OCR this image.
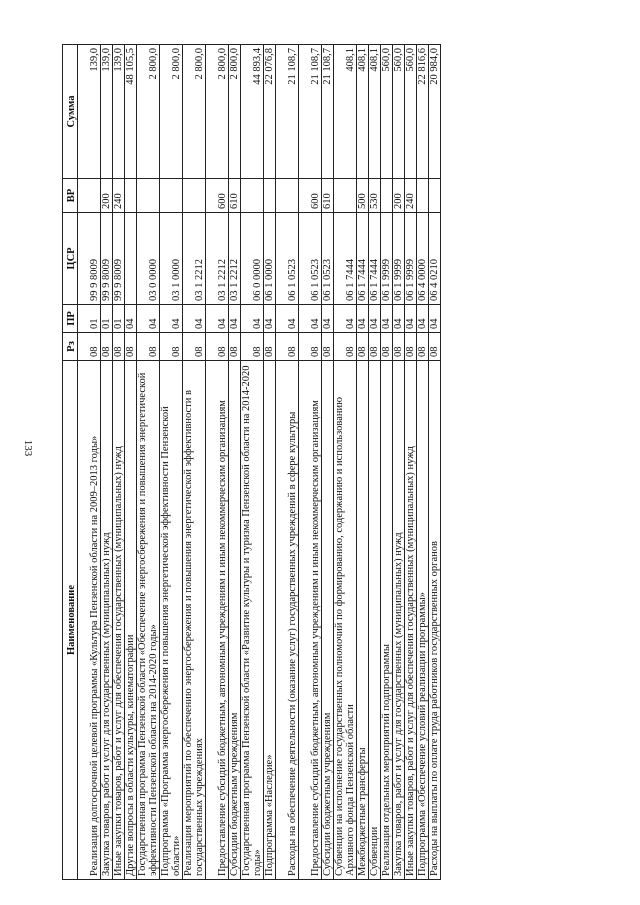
133
Наименование	Рз	ПР	ЦСР	ВР	Сумма
Реализация долгосрочной целевой программы «Культура Пензенской области на 2009–2013 годы»	08	01	99 9 8009		139,0
Закупка товаров, работ и услуг для государственных (муниципальных) нужд	08	01	99 9 8009	200	139,0
Иные закупки товаров, работ и услуг для обеспечения государственных (муниципальных) нужд	08	01	99 9 8009	240	139,0
Другие вопросы в области культуры, кинематографии	08	04			48 105,5
Государственная программа Пензенской области «Обеспечение энергосбережения и повышения энергетической эффективности Пензенской области на 2014-2020 годы»	08	04	03 0 0000		2 800,0
Подпрограмма «Программа энергосбережения и повышения энергетической эффективности Пензенской области»	08	04	03 1 0000		2 800,0
Реализация мероприятий по обеспечению энергосбережения и повышения энергетической эффективности в государственных учреждениях	08	04	03 1 2212		2 800,0
Предоставление субсидий бюджетным, автономным учреждениям и иным некоммерческим организациям	08	04	03 1 2212	600	2 800,0
Субсидии бюджетным учреждениям	08	04	03 1 2212	610	2 800,0
Государственная программа Пензенской области «Развитие культуры и туризма Пензенской области на 2014-2020 годы»	08	04	06 0 0000		44 893,4
Подпрограмма «Наследие»	08	04	06 1 0000		22 076,8
Расходы на обеспечение деятельности (оказание услуг) государственных учреждений в сфере культуры	08	04	06 1 0523		21 108,7
Предоставление субсидий бюджетным, автономным учреждениям и иным некоммерческим организациям	08	04	06 1 0523	600	21 108,7
Субсидии бюджетным учреждениям	08	04	06 1 0523	610	21 108,7
Субвенции на исполнение государственных полномочий по формированию, содержанию и использованию Архивного фонда Пензенской области	08	04	06 1 7444		408,1
Межбюджетные трансферты	08	04	06 1 7444	500	408,1
Субвенции	08	04	06 1 7444	530	408,1
Реализация отдельных мероприятий подпрограммы	08	04	06 1 9999		560,0
Закупка товаров, работ и услуг для государственных (муниципальных) нужд	08	04	06 1 9999	200	560,0
Иные закупки товаров, работ и услуг для обеспечения государственных (муниципальных) нужд	08	04	06 1 9999	240	560,0
Подпрограмма «Обеспечение условий реализации программы»	08	04	06 4 0000		22 816,6
Расходы на выплаты по оплате труда работников государственных органов	08	04	06 4 0210		20 984,0
